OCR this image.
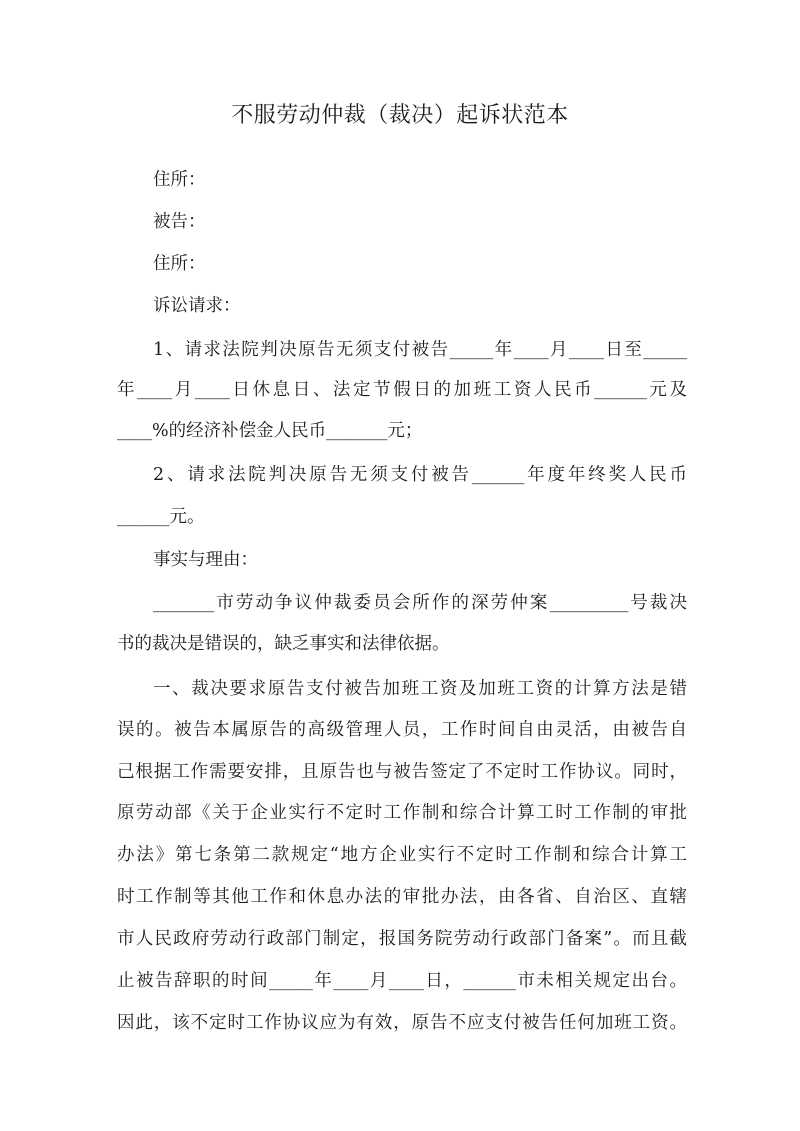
不服劳动仲裁（裁决）起诉状范本

住所：

被告：

住所：

诉讼请求：

1、请求法院判决原告无须支付被告_____年____月____日至_____

年____月____日休息日、法定节假日的加班工资人民币______元及

____%的经济补偿金人民币_______元；

2、请求法院判决原告无须支付被告______年度年终奖人民币

______元。

事实与理由：

_______市劳动争议仲裁委员会所作的深劳仲案_________号裁决

书的裁决是错误的，缺乏事实和法律依据。

一、裁决要求原告支付被告加班工资及加班工资的计算方法是错

误的。被告本属原告的高级管理人员，工作时间自由灵活，由被告自

己根据工作需要安排，且原告也与被告签定了不定时工作协议。同时，

原劳动部《关于企业实行不定时工作制和综合计算工时工作制的审批

办法》第七条第二款规定“地方企业实行不定时工作制和综合计算工

时工作制等其他工作和休息办法的审批办法，由各省、自治区、直辖

市人民政府劳动行政部门制定，报国务院劳动行政部门备案”。而且截

止被告辞职的时间_____年____月____日，______市未相关规定出台。

因此，该不定时工作协议应为有效，原告不应支付被告任何加班工资。
